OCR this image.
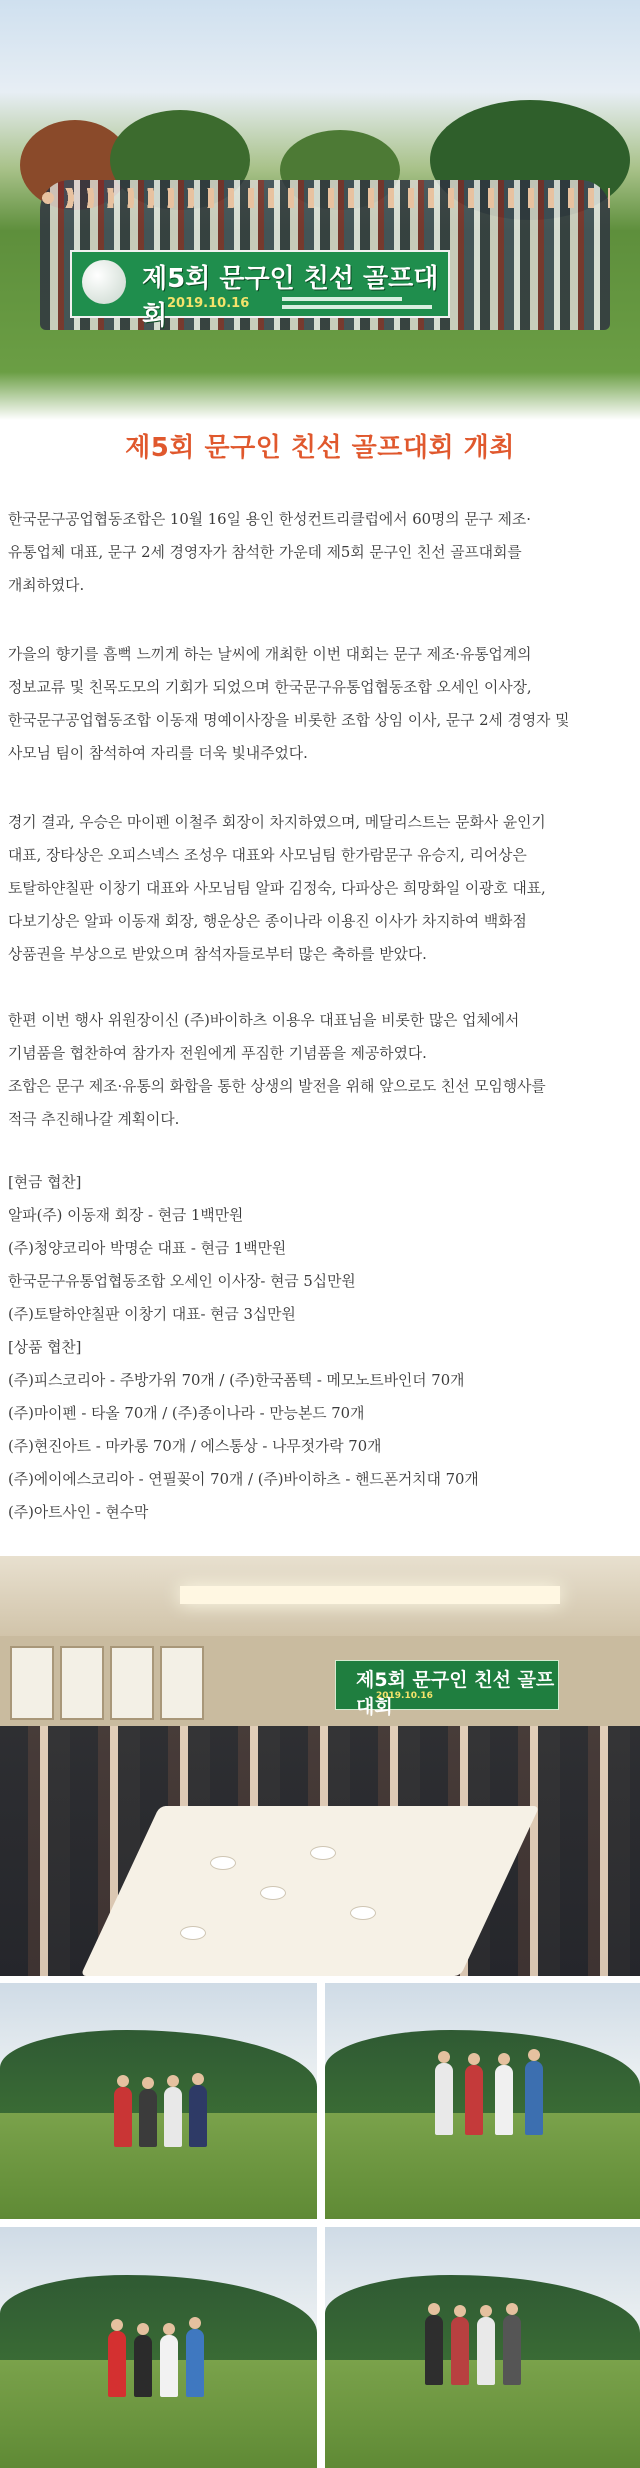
제5회 문구인 친선 골프대회 2019.10.16
제5회 문구인 친선 골프대회 개최
한국문구공업협동조합은 10월 16일 용인 한성컨트리클럽에서 60명의 문구 제조·
유통업체 대표, 문구 2세 경영자가 참석한 가운데 제5회 문구인 친선 골프대회를
개최하였다.
가을의 향기를 흠뻑 느끼게 하는 날씨에 개최한 이번 대회는 문구 제조·유통업계의
정보교류 및 친목도모의 기회가 되었으며 한국문구유통업협동조합 오세인 이사장,
한국문구공업협동조합 이동재 명예이사장을 비롯한 조합 상임 이사, 문구 2세 경영자 및
사모님 팀이 참석하여 자리를 더욱 빛내주었다.
경기 결과, 우승은 마이펜 이철주 회장이 차지하였으며, 메달리스트는 문화사 윤인기
대표, 장타상은 오피스넥스 조성우 대표와 사모님팀 한가람문구 유승지, 리어상은
토탈하얀칠판 이창기 대표와 사모님팀 알파 김정숙, 다파상은 희망화일 이광호 대표,
다보기상은 알파 이동재 회장, 행운상은 종이나라 이용진 이사가 차지하여 백화점
상품권을 부상으로 받았으며 참석자들로부터 많은 축하를 받았다.
한편 이번 행사 위원장이신 (주)바이하츠 이용우 대표님을 비롯한 많은 업체에서
기념품을 협찬하여 참가자 전원에게 푸짐한 기념품을 제공하였다.
조합은 문구 제조·유통의 화합을 통한 상생의 발전을 위해 앞으로도 친선 모임행사를
적극 추진해나갈 계획이다.
[현금 협찬]
알파(주) 이동재 회장 - 현금 1백만원
(주)청양코리아 박명순 대표 - 현금 1백만원
한국문구유통업협동조합 오세인 이사장- 현금 5십만원
(주)토탈하얀칠판 이창기 대표- 현금 3십만원
[상품 협찬]
(주)피스코리아 - 주방가위 70개 / (주)한국폼텍 - 메모노트바인더 70개
(주)마이펜 - 타올 70개 / (주)종이나라 - 만능본드 70개
(주)현진아트 - 마카롱 70개 / 에스통상 - 나무젓가락 70개
(주)에이에스코리아 - 연필꽂이 70개 / (주)바이하츠 - 핸드폰거치대 70개
(주)아트사인 - 현수막
제5회 문구인 친선 골프대회
2019.10.16
